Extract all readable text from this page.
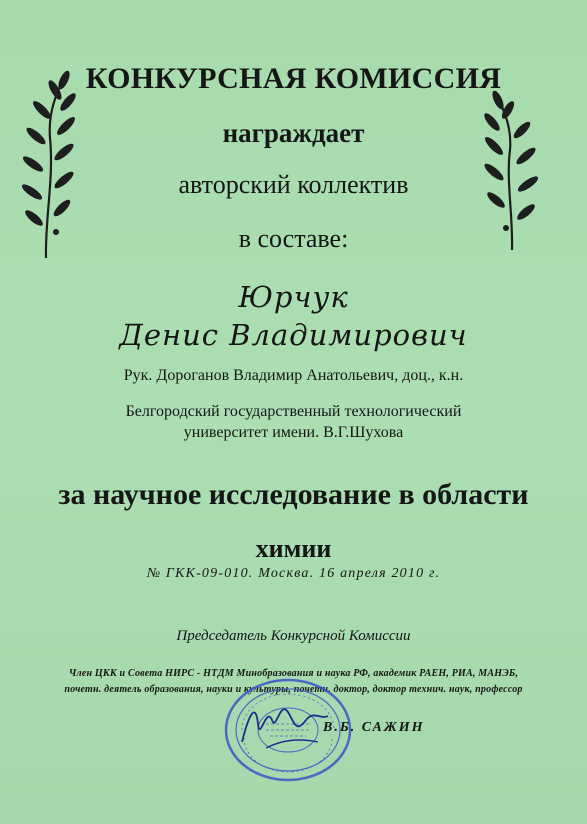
КОНКУРСНАЯ КОМИССИЯ
награждает
авторский коллектив
в составе:
Юрчук
Денис Владимирович
Рук. Дороганов Владимир Анатольевич, доц., к.н.
Белгородский государственный технологический
университет имени. В.Г.Шухова
за научное исследование в области
химии
№ ГКК-09-010. Москва. 16 апреля 2010 г.
Председатель Конкурсной Комиссии
Член ЦКК и Совета НИРС - НТДМ Минобразования и наука РФ, академик РАЕН, РИА, МАНЭБ,
почетн. деятель образования, науки и культуры, почетн. доктор, доктор технич. наук, профессор
В.Б. САЖИН
